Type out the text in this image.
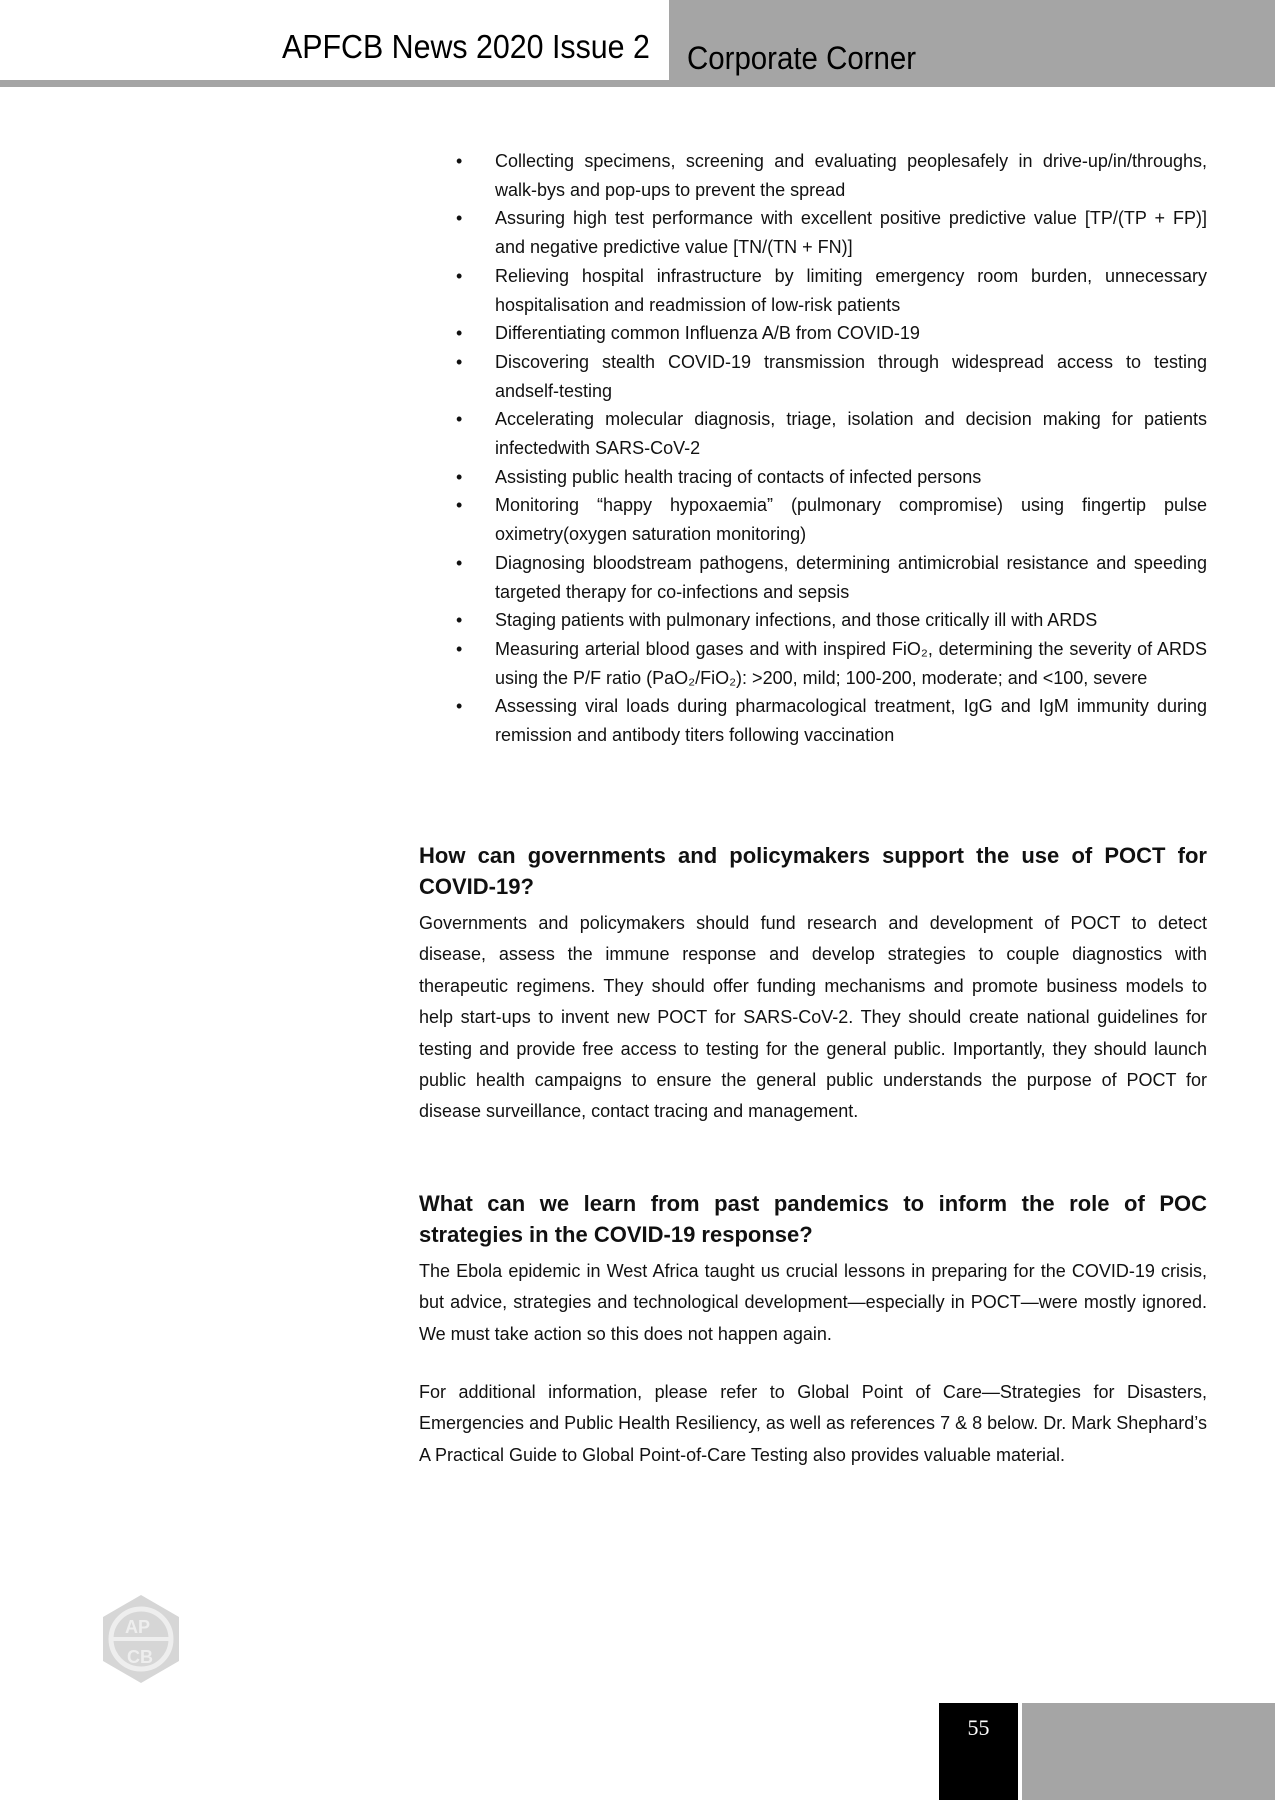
APFCB News 2020 Issue 2 Corporate Corner
• Collecting specimens, screening and evaluating peoplesafely in drive-up/in/throughs, walk-bys and pop-ups to prevent the spread
• Assuring high test performance with excellent positive predictive value [TP/(TP + FP)] and negative predictive value [TN/(TN + FN)]
• Relieving hospital infrastructure by limiting emergency room burden, unnecessary hospitalisation and readmission of low-risk patients
• Differentiating common Influenza A/B from COVID-19
• Discovering stealth COVID-19 transmission through widespread access to testing andself-testing
• Accelerating molecular diagnosis, triage, isolation and decision making for patients infectedwith SARS-CoV-2
• Assisting public health tracing of contacts of infected persons
• Monitoring “happy hypoxaemia” (pulmonary compromise) using fingertip pulse oximetry(oxygen saturation monitoring)
• Diagnosing bloodstream pathogens, determining antimicrobial resistance and speeding targeted therapy for co-infections and sepsis
• Staging patients with pulmonary infections, and those critically ill with ARDS
• Measuring arterial blood gases and with inspired FiO₂, determining the severity of ARDS using the P/F ratio (PaO₂/FiO₂): >200, mild; 100-200, moderate; and <100, severe
• Assessing viral loads during pharmacological treatment, IgG and IgM immunity during remission and antibody titers following vaccination
How can governments and policymakers support the use of POCT for COVID-19?
Governments and policymakers should fund research and development of POCT to detect disease, assess the immune response and develop strategies to couple diagnostics with therapeutic regimens. They should offer funding mechanisms and promote business models to help start-ups to invent new POCT for SARS-CoV-2. They should create national guidelines for testing and provide free access to testing for the general public. Importantly, they should launch public health campaigns to ensure the general public understands the purpose of POCT for disease surveillance, contact tracing and management.
What can we learn from past pandemics to inform the role of POC strategies in the COVID-19 response?
The Ebola epidemic in West Africa taught us crucial lessons in preparing for the COVID-19 crisis, but advice, strategies and technological development—especially in POCT—were mostly ignored. We must take action so this does not happen again.
For additional information, please refer to Global Point of Care—Strategies for Disasters, Emergencies and Public Health Resiliency, as well as references 7 & 8 below. Dr. Mark Shephard’s A Practical Guide to Global Point-of-Care Testing also provides valuable material.
AP
CB
55
